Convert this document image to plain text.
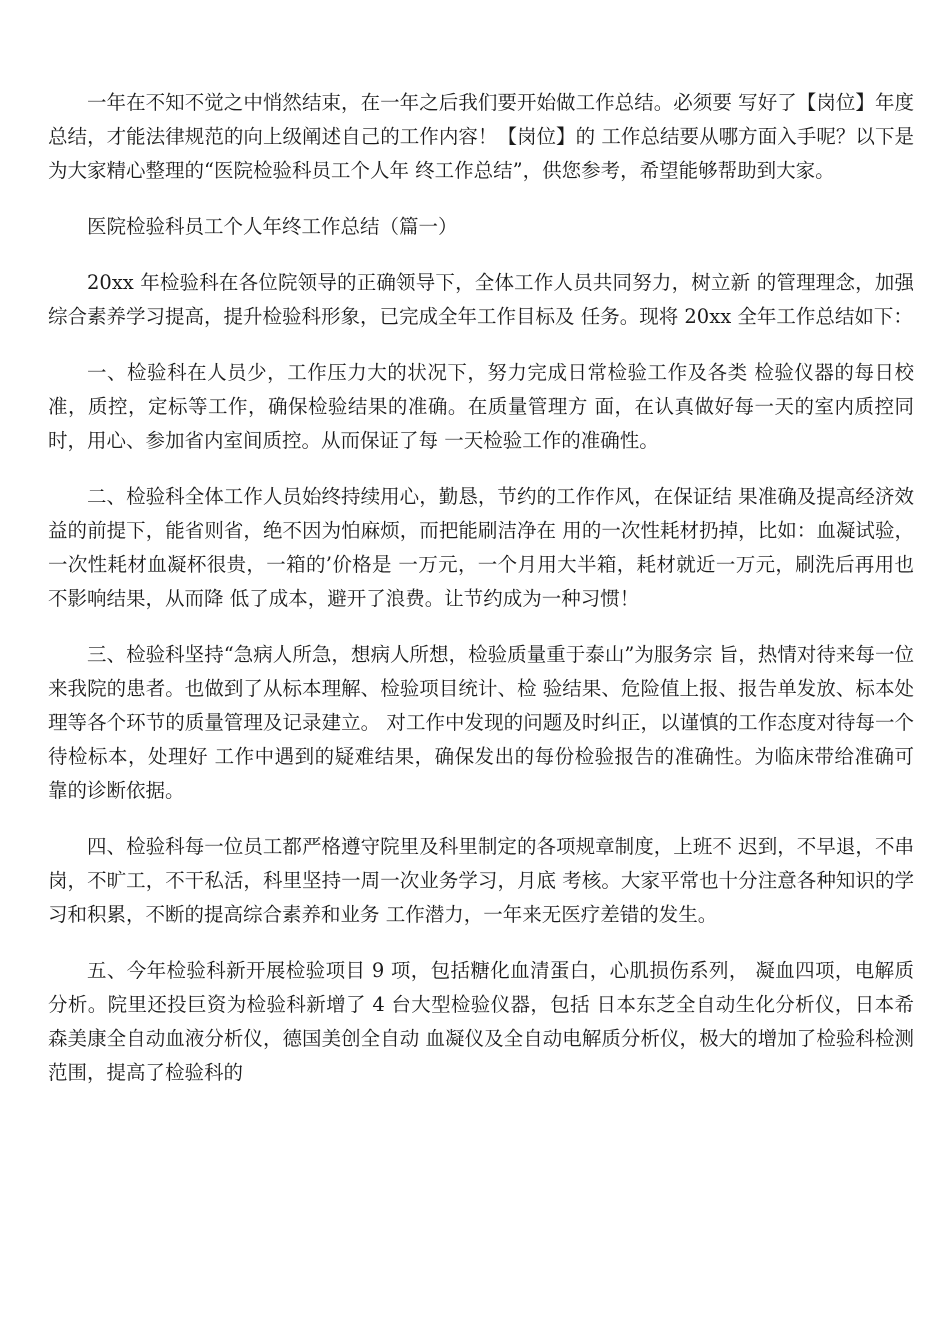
一年在不知不觉之中悄然结束，在一年之后我们要开始做工作总结。必须要 写好了【岗位】年度总结，才能法律规范的向上级阐述自己的工作内容！【岗位】的 工作总结要从哪方面入手呢？以下是为大家精心整理的“医院检验科员工个人年 终工作总结”，供您参考，希望能够帮助到大家。

医院检验科员工个人年终工作总结（篇一）

20xx 年检验科在各位院领导的正确领导下，全体工作人员共同努力，树立新 的管理理念，加强综合素养学习提高，提升检验科形象，已完成全年工作目标及 任务。现将 20xx 全年工作总结如下：

一、检验科在人员少，工作压力大的状况下，努力完成日常检验工作及各类 检验仪器的每日校准，质控，定标等工作，确保检验结果的准确。在质量管理方 面，在认真做好每一天的室内质控同时，用心、参加省内室间质控。从而保证了每 一天检验工作的准确性。

二、检验科全体工作人员始终持续用心，勤恳，节约的工作作风，在保证结 果准确及提高经济效益的前提下，能省则省，绝不因为怕麻烦，而把能刷洁净在 用的一次性耗材扔掉，比如：血凝试验，一次性耗材血凝杯很贵，一箱的’价格是 一万元，一个月用大半箱，耗材就近一万元，刷洗后再用也不影响结果，从而降 低了成本，避开了浪费。让节约成为一种习惯！

三、检验科坚持“急病人所急，想病人所想，检验质量重于泰山”为服务宗 旨，热情对待来每一位来我院的患者。也做到了从标本理解、检验项目统计、检 验结果、危险值上报、报告单发放、标本处理等各个环节的质量管理及记录建立。 对工作中发现的问题及时纠正，以谨慎的工作态度对待每一个待检标本，处理好 工作中遇到的疑难结果，确保发出的每份检验报告的准确性。为临床带给准确可 靠的诊断依据。

四、检验科每一位员工都严格遵守院里及科里制定的各项规章制度，上班不 迟到，不早退，不串岗，不旷工，不干私活，科里坚持一周一次业务学习，月底 考核。大家平常也十分注意各种知识的学习和积累，不断的提高综合素养和业务 工作潜力，一年来无医疗差错的发生。

五、今年检验科新开展检验项目 9 项，包括糖化血清蛋白，心肌损伤系列， 凝血四项，电解质分析。院里还投巨资为检验科新增了 4 台大型检验仪器，包括 日本东芝全自动生化分析仪，日本希森美康全自动血液分析仪，德国美创全自动 血凝仪及全自动电解质分析仪，极大的增加了检验科检测范围，提高了检验科的
